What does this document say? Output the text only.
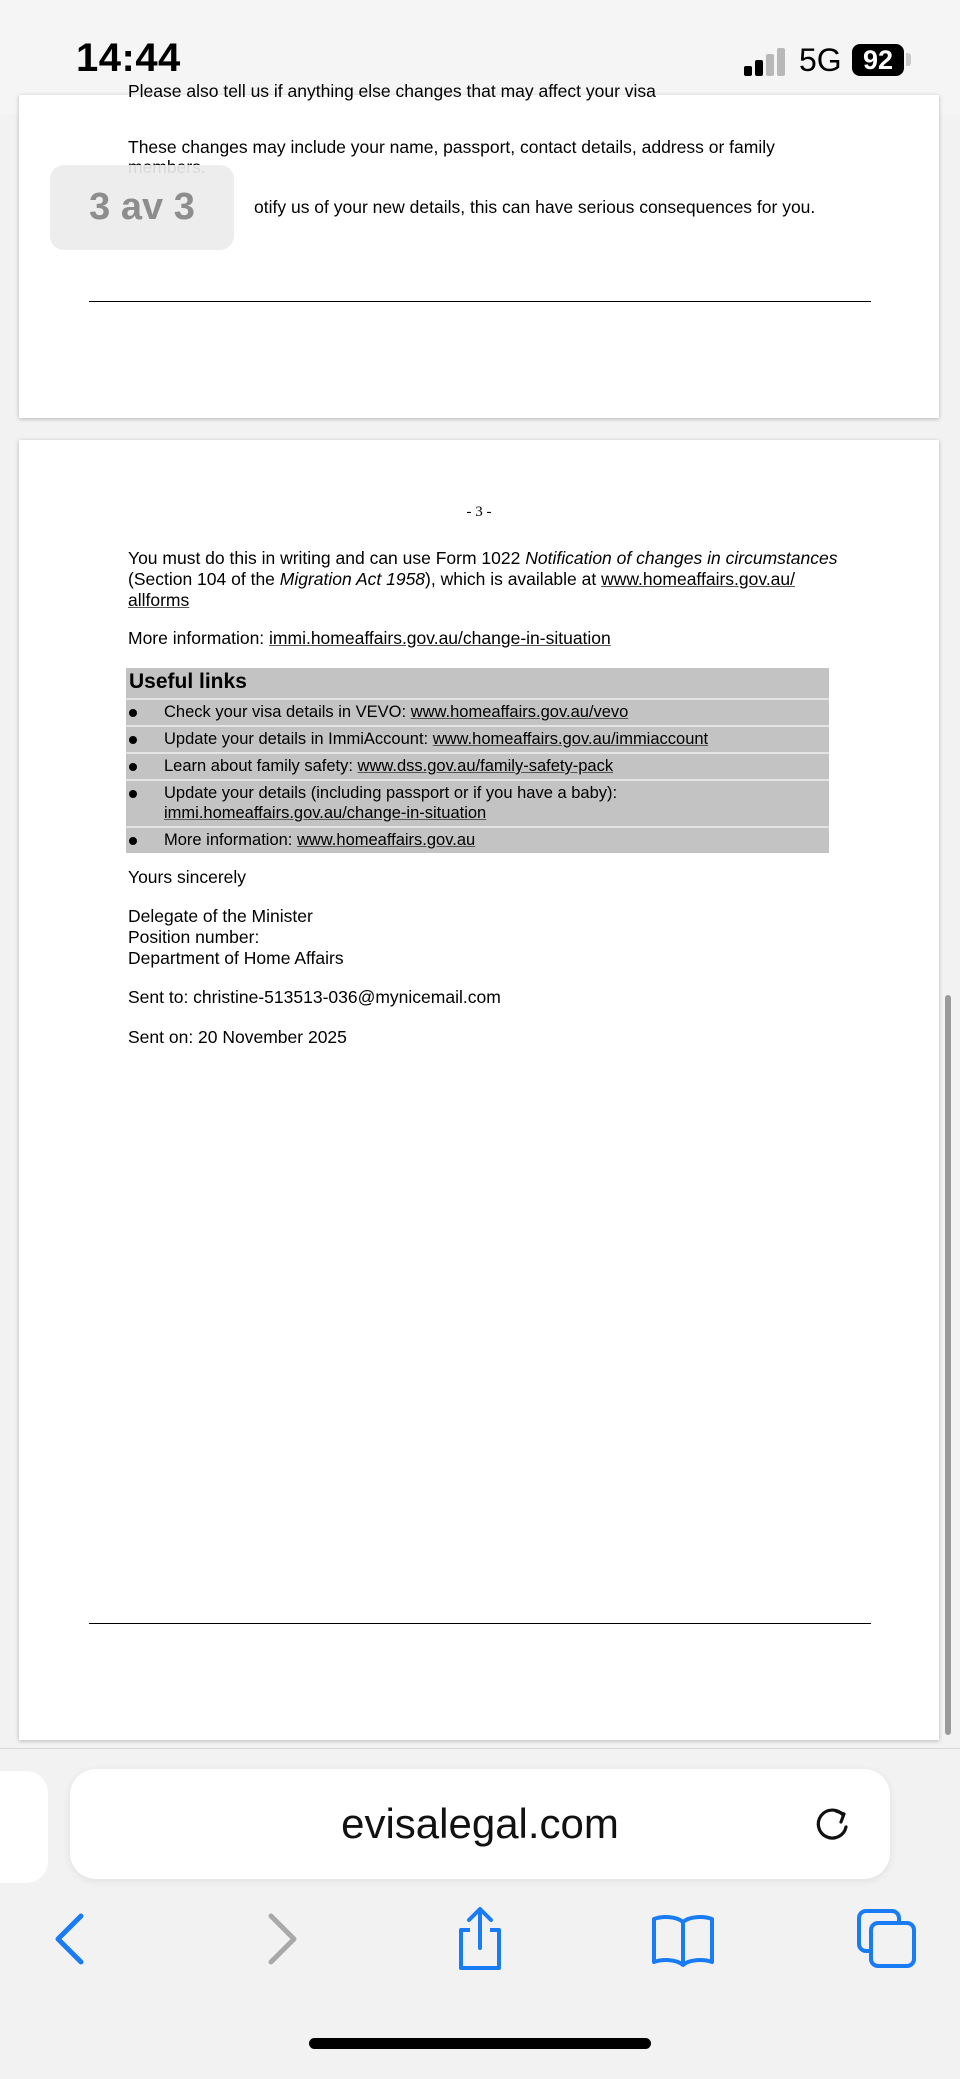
14:44	5G 92
Please also tell us if anything else changes that may affect your visa
These changes may include your name, passport, contact details, address or family
otify us of your new details, this can have serious consequences for you.
3 av 3
- 3 -
You must do this in writing and can use Form 1022 Notification of changes in circumstances
(Section 104 of the Migration Act 1958), which is available at www.homeaffairs.gov.au/
allforms
More information: immi.homeaffairs.gov.au/change-in-situation
Useful links
Check your visa details in VEVO: www.homeaffairs.gov.au/vevo
Update your details in ImmiAccount: www.homeaffairs.gov.au/immiaccount
Learn about family safety: www.dss.gov.au/family-safety-pack
Update your details (including passport or if you have a baby):
immi.homeaffairs.gov.au/change-in-situation
More information: www.homeaffairs.gov.au
Yours sincerely
Delegate of the Minister
Position number:
Department of Home Affairs
Sent to: christine-513513-036@mynicemail.com
Sent on: 20 November 2025
evisalegal.com
